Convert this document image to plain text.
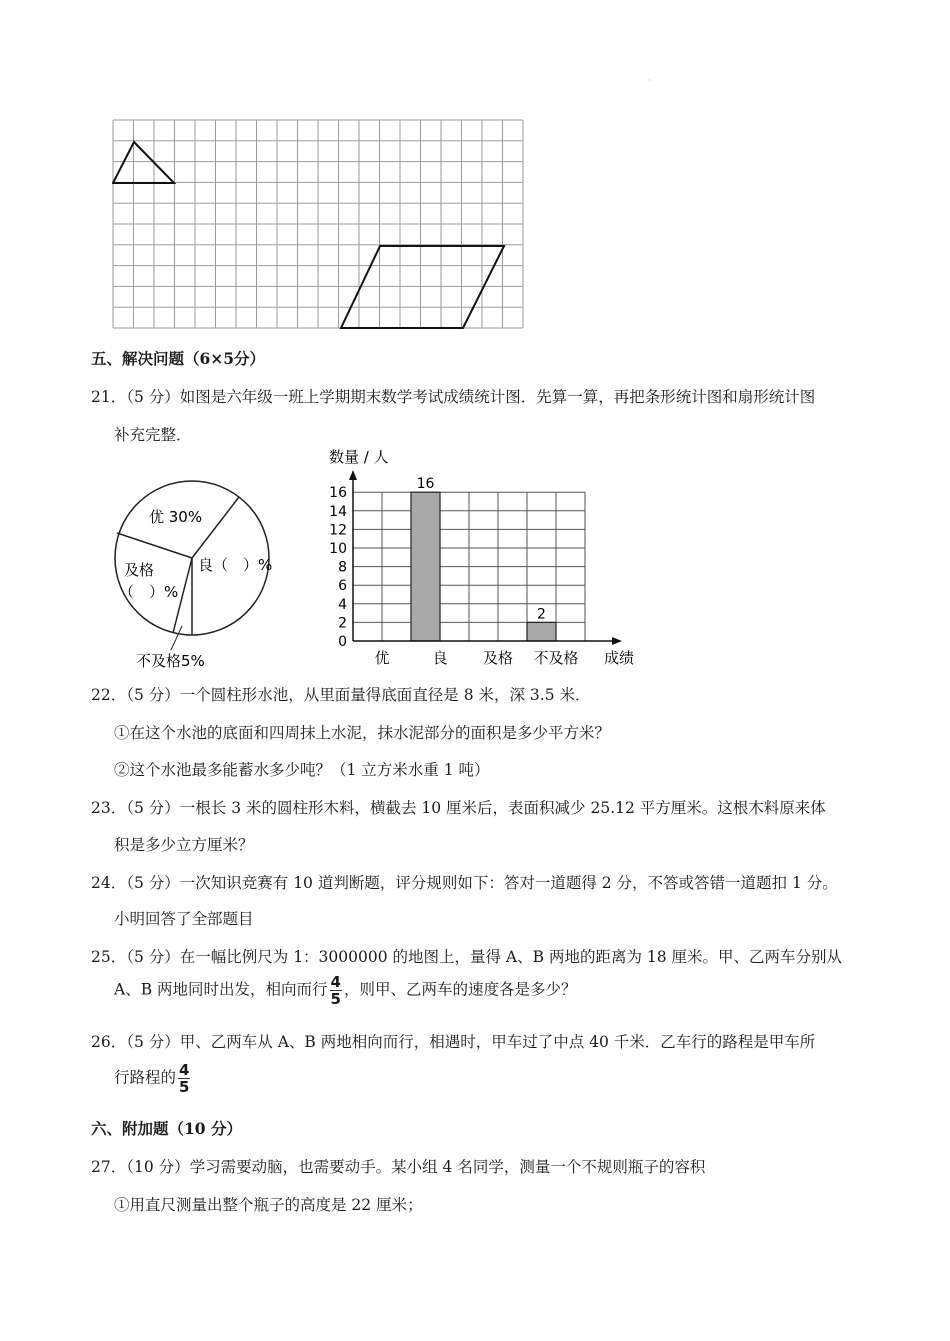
·
五、解决问题（6×5分）
21．（5 分）如图是六年级一班上学期期末数学考试成绩统计图．先算一算，再把条形统计图和扇形统计图
补充完整．
优 30%
良（　）%
及格
（　）%
不及格5%
16
2
0
2
4
6
8
10
12
14
16
优	良 及格 不及格
数量 / 人
成绩
22．（5 分）一个圆柱形水池，从里面量得底面直径是 8 米，深 3.5 米．
①在这个水池的底面和四周抹上水泥，抹水泥部分的面积是多少平方米？
②这个水池最多能蓄水多少吨？（1 立方米水重 1 吨）
23．（5 分）一根长 3 米的圆柱形木料，横截去 10 厘米后，表面积减少 25.12 平方厘米。这根木料原来体
积是多少立方厘米？
24．（5 分）一次知识竞赛有 10 道判断题，评分规则如下：答对一道题得 2 分，不答或答错一道题扣 1 分。
小明回答了全部题目
25．（5 分）在一幅比例尺为 1：3000000 的地图上，量得 A、B 两地的距离为 18 厘米。甲、乙两车分别从
A、B 两地同时出发，相向而行 $\frac{4}{5}$ ，则甲、乙两车的速度各是多少？
26．（5 分）甲、乙两车从 A、B 两地相向而行，相遇时，甲车过了中点 40 千米．乙车行的路程是甲车所
行路程的 $\frac{4}{5}$
六、附加题（10 分）
27．（10 分）学习需要动脑，也需要动手。某小组 4 名同学，测量一个不规则瓶子的容积
①用直尺测量出整个瓶子的高度是 22 厘米；
